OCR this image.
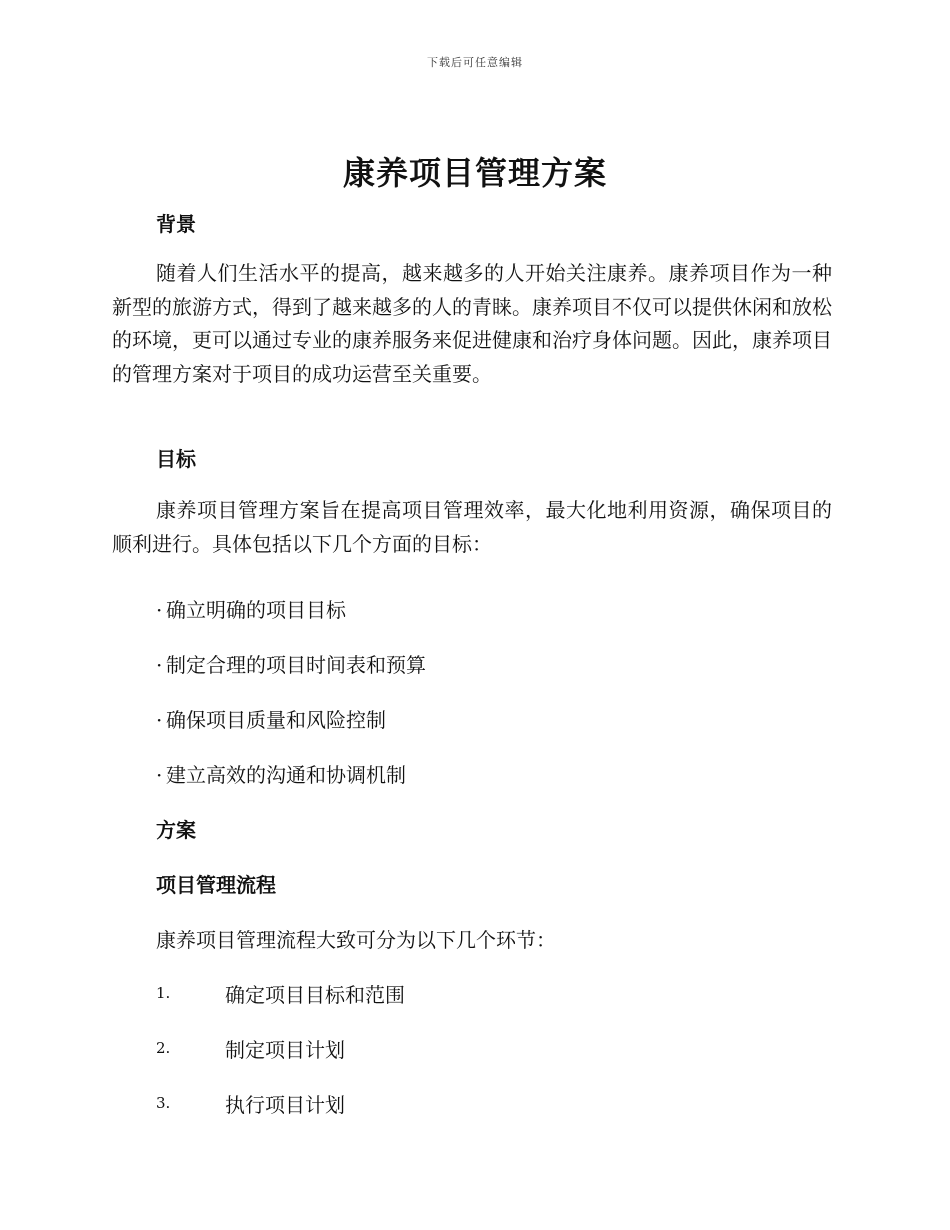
下载后可任意编辑
康养项目管理方案
背景
随着人们生活水平的提高，越来越多的人开始关注康养。康养项目作为一种新型的旅游方式，得到了越来越多的人的青睐。康养项目不仅可以提供休闲和放松的环境，更可以通过专业的康养服务来促进健康和治疗身体问题。因此，康养项目的管理方案对于项目的成功运营至关重要。
目标
康养项目管理方案旨在提高项目管理效率，最大化地利用资源，确保项目的顺利进行。具体包括以下几个方面的目标：
· 确立明确的项目目标
· 制定合理的项目时间表和预算
· 确保项目质量和风险控制
· 建立高效的沟通和协调机制
方案
项目管理流程
康养项目管理流程大致可分为以下几个环节：
1.	确定项目目标和范围
2.	制定项目计划
3.	执行项目计划
